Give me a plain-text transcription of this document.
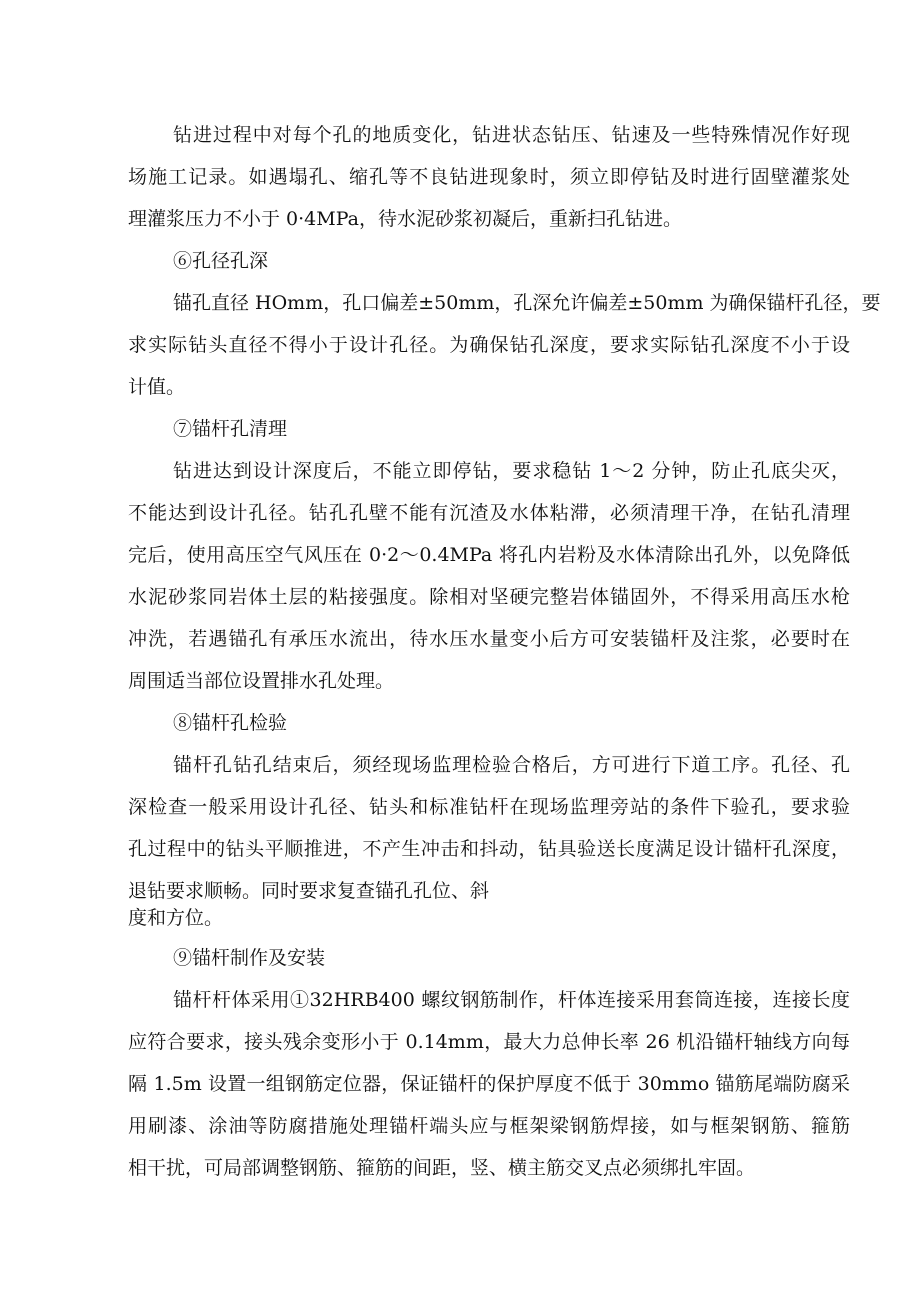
钻进过程中对每个孔的地质变化，钻进状态钻压、钻速及一些特殊情况作好现
场施工记录。如遇塌孔、缩孔等不良钻进现象时，须立即停钻及时进行固壁灌浆处
理灌浆压力不小于 0·4MPa，待水泥砂浆初凝后，重新扫孔钻进。
⑥孔径孔深
锚孔直径 HOmm，孔口偏差±50mm，孔深允许偏差±50mm 为确保锚杆孔径，要
求实际钻头直径不得小于设计孔径。为确保钻孔深度，要求实际钻孔深度不小于设
计值。
⑦锚杆孔清理
钻进达到设计深度后，不能立即停钻，要求稳钻 1～2 分钟，防止孔底尖灭，
不能达到设计孔径。钻孔孔壁不能有沉渣及水体粘滞，必须清理干净，在钻孔清理
完后，使用高压空气风压在 0·2～0.4MPa 将孔内岩粉及水体清除出孔外，以免降低
水泥砂浆同岩体土层的粘接强度。除相对坚硬完整岩体锚固外，不得采用高压水枪
冲洗，若遇锚孔有承压水流出，待水压水量变小后方可安装锚杆及注浆，必要时在
周围适当部位设置排水孔处理。
⑧锚杆孔检验
锚杆孔钻孔结束后，须经现场监理检验合格后，方可进行下道工序。孔径、孔
深检查一般采用设计孔径、钻头和标准钻杆在现场监理旁站的条件下验孔，要求验
孔过程中的钻头平顺推进，不产生冲击和抖动，钻具验送长度满足设计锚杆孔深度，
退钻要求顺畅。同时要求复查锚孔孔位、斜
度和方位。
⑨锚杆制作及安装
锚杆杆体采用①32HRB400 螺纹钢筋制作，杆体连接采用套筒连接，连接长度
应符合要求，接头残余变形小于 0.14mm，最大力总伸长率 26 机沿锚杆轴线方向每
隔 1.5m 设置一组钢筋定位器，保证锚杆的保护厚度不低于 30mmo 锚筋尾端防腐采
用刷漆、涂油等防腐措施处理锚杆端头应与框架梁钢筋焊接，如与框架钢筋、箍筋
相干扰，可局部调整钢筋、箍筋的间距，竖、横主筋交叉点必须绑扎牢固。
